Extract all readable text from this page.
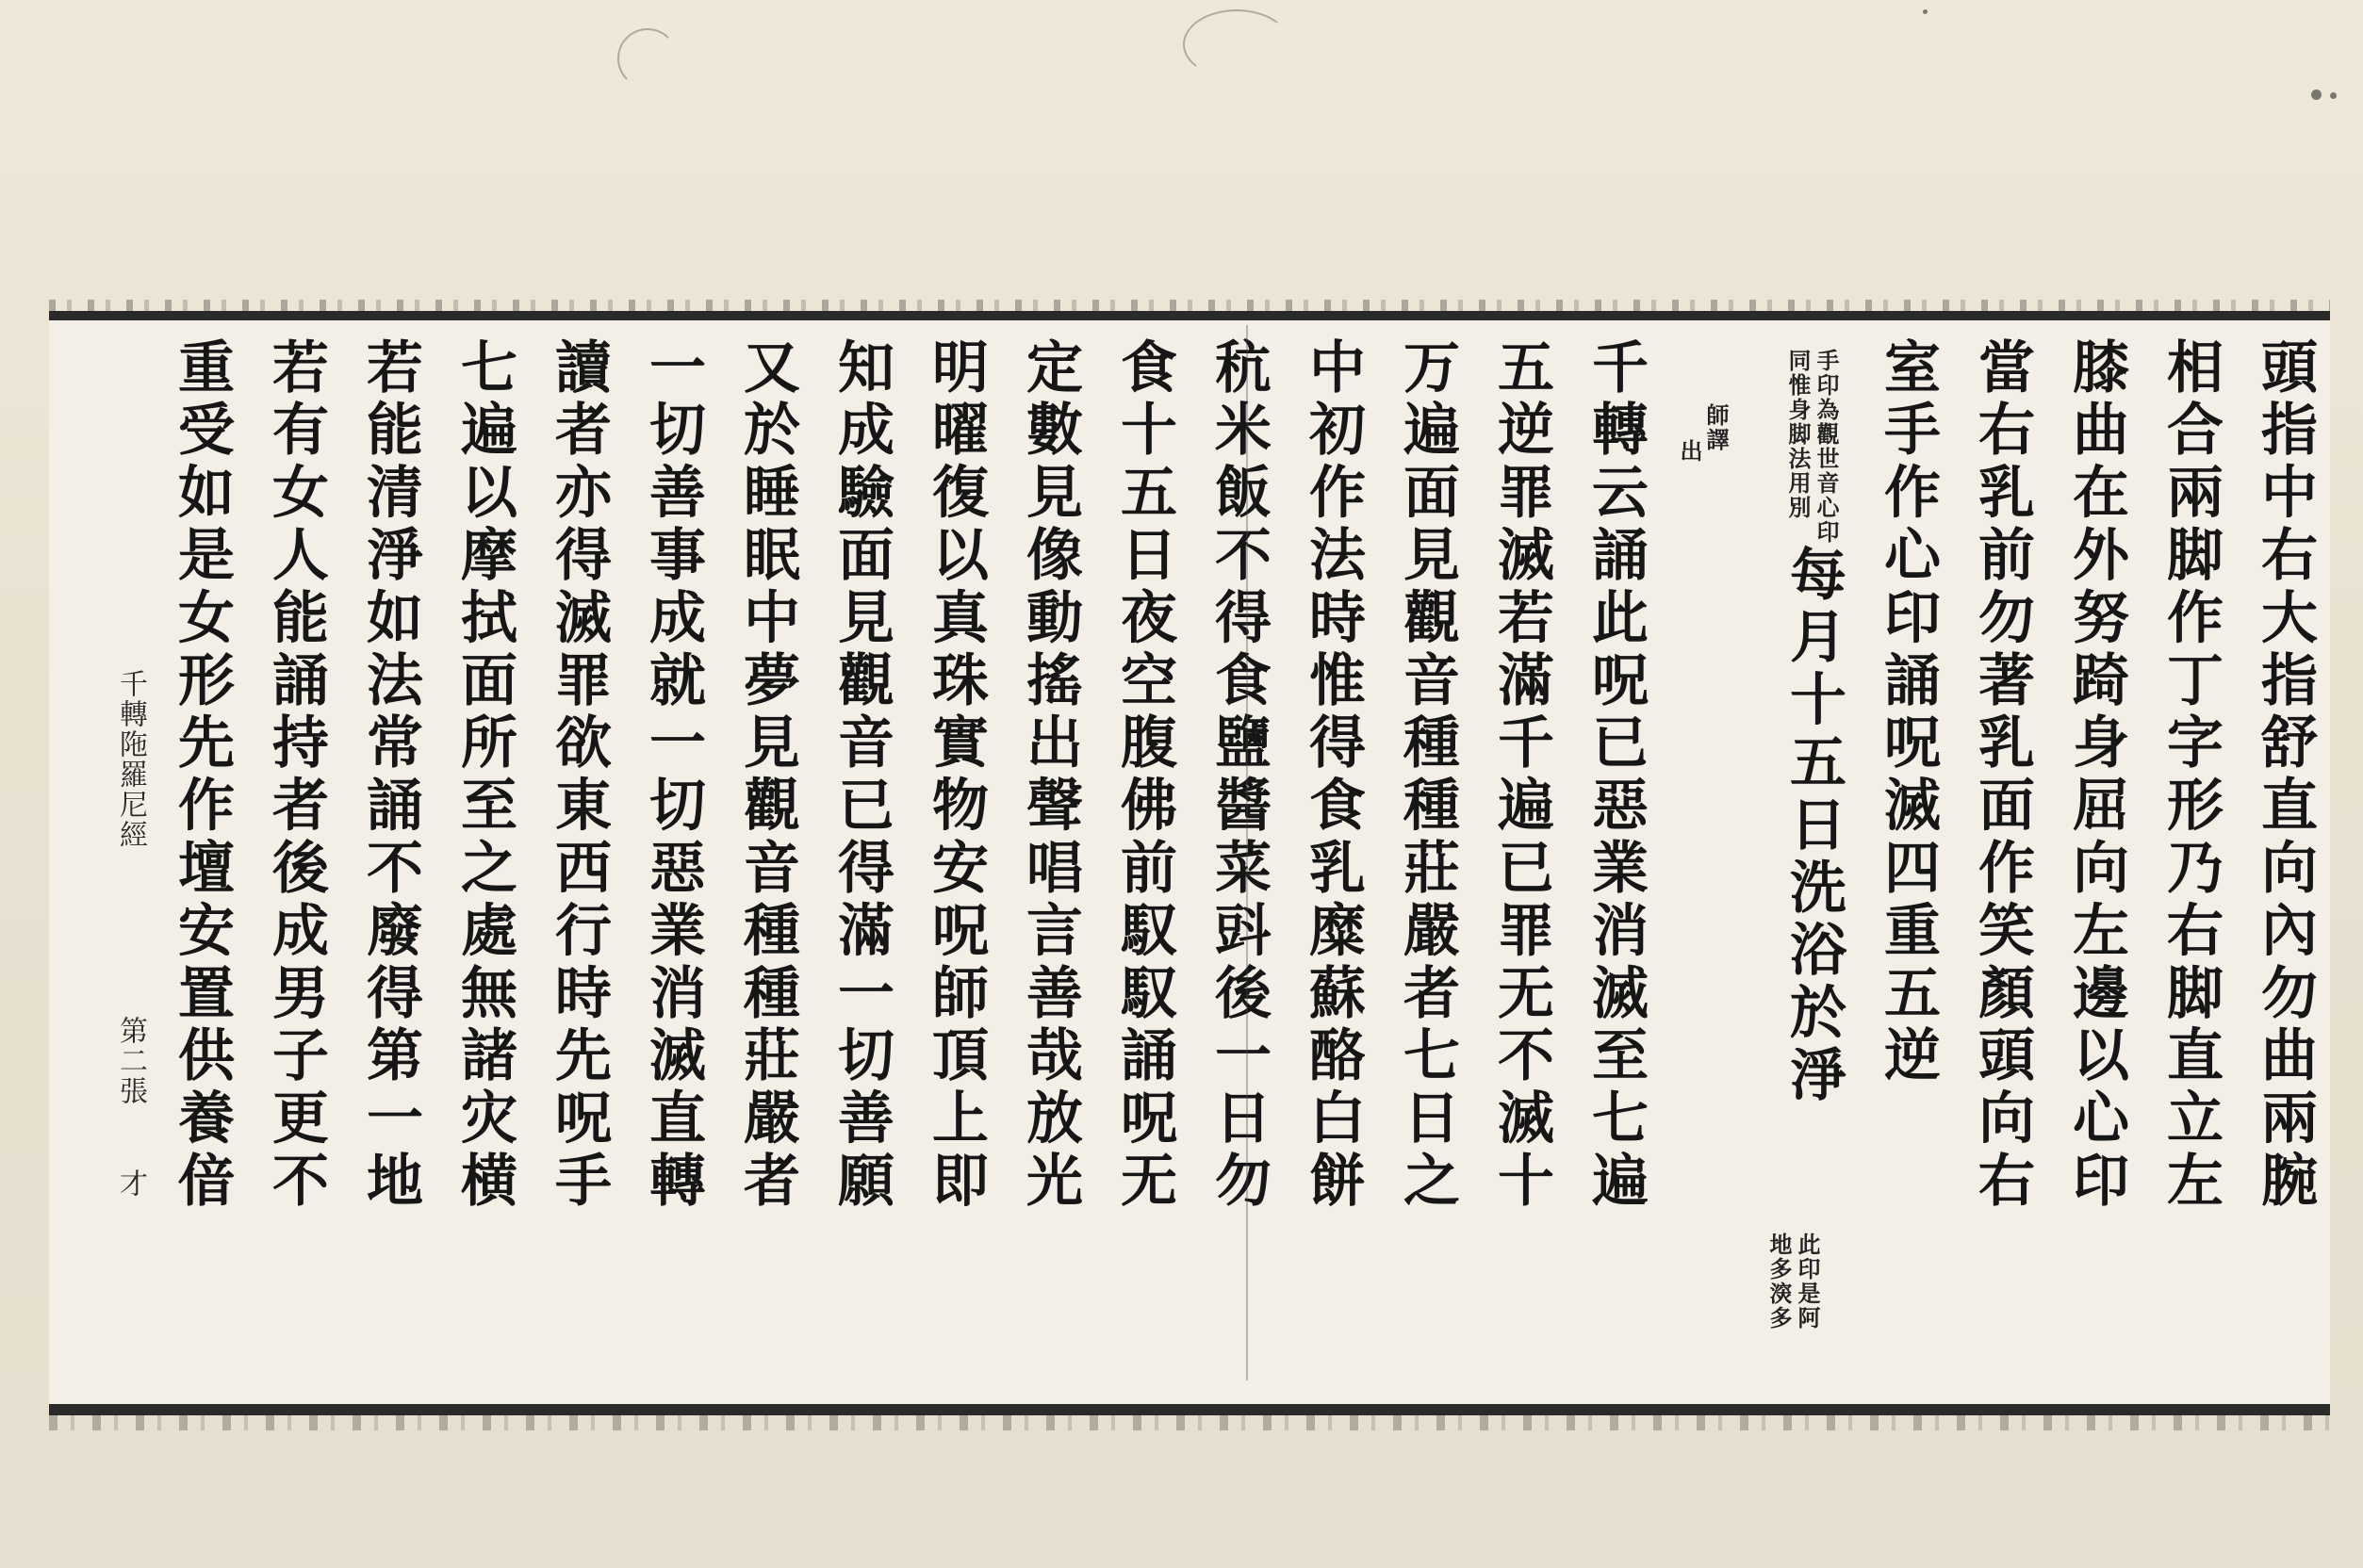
頭指中右大指舒直向內勿曲兩腕
相合兩脚作丁字形乃右脚直立左
膝曲在外努踦身屈向左邊以心印
當右乳前勿著乳面作笑顏頭向右
室手作心印誦呪滅四重五逆
每月十五日洗浴於淨
千轉云誦此呪已惡業消滅至七遍
五逆罪滅若滿千遍已罪无不滅十
万遍面見觀音種種莊嚴者七日之
中初作法時惟得食乳糜蘇酪白餅
秔米飯不得食鹽醬菜㪷後一日勿
食十五日夜空腹佛前馭馭誦呪无
定數見像動搖出聲唱言善哉放光
明曜復以真珠實物安呪師頂上即
知成驗面見觀音已得滿一切善願
又於睡眠中夢見觀音種種莊嚴者
一切善事成就一切惡業消滅直轉
讀者亦得滅罪欲東西行時先呪手
七遍以摩拭面所至之處無諸灾横
若能清淨如法常誦不廢得第一地
若有女人能誦持者後成男子更不
重受如是女形先作壇安置供養偣
此印是阿
地多㴱多
手印為觀世音心印
同惟身脚法用別
師譯
出
千轉陁羅尼經
第二張
才
